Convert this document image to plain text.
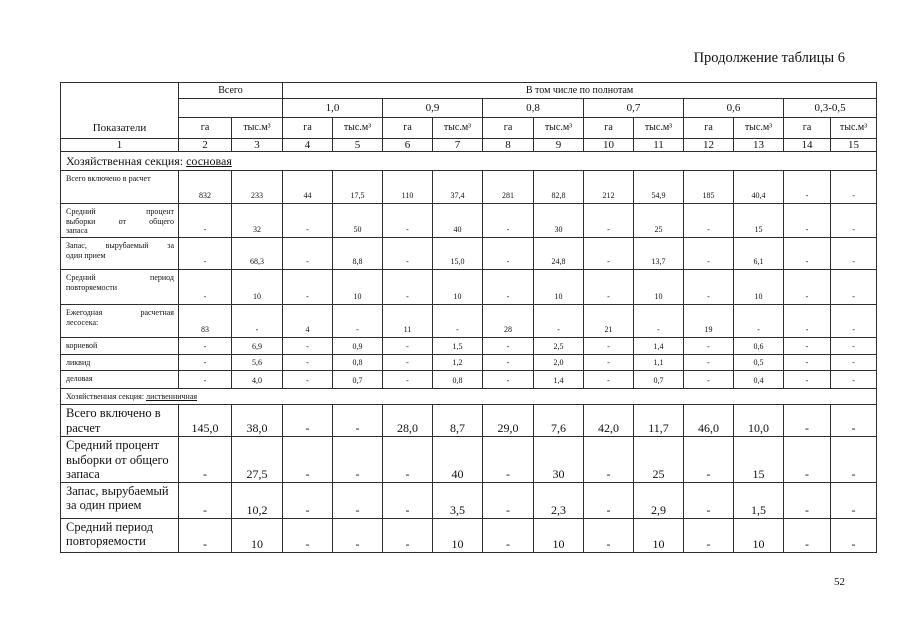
Продолжение таблицы 6
Показатели	Всего		В том числе по полнотам											
			1,0		0,9		0,8		0,7		0,6		0,3-0,5	
	га	тыс.м³	га	тыс.м³	га	тыс.м³	га	тыс.м³	га	тыс.м³	га	тыс.м³	га	тыс.м³
1	2	3	4	5	6	7	8	9	10	11	12	13	14	15
Хозяйственная секция: сосновая														

Всего включено в расчет	832	233	44	17,5	110	37,4	281	82,8	212	54,9	185	40,4	-	-

Средний процент
выборки от общего
запаса	-	32	-	50	-	40	-	30	-	25	-	15	-	-

Запас, вырубаемый за
один прием	-	68,3	-	8,8	-	15,0	-	24,8	-	13,7	-	6,1	-	-

Средний период
повторяемости	-	10	-	10	-	10	-	10	-	10	-	10	-	-

Ежегодная расчетная
лесосека:	83	-	4	-	11	-	28	-	21	-	19	-	-	-

корневой	-	6,9	-	0,9	-	1,5	-	2,5	-	1,4	-	0,6	-	-

ликвид	-	5,6	-	0,8	-	1,2	-	2,0	-	1,1	-	0,5	-	-

деловая	-	4,0	-	0,7	-	0,8	-	1,4	-	0,7	-	0,4	-	-
Хозяйственная секция: лиственничная														

Всего включено в
расчет	145,0	38,0	-	-	28,0	8,7	29,0	7,6	42,0	11,7	46,0	10,0	-	-

Средний процент
выборки от общего
запаса	-	27,5	-	-	-	40	-	30	-	25	-	15	-	-

Запас, вырубаемый
за один прием	-	10,2	-	-	-	3,5	-	2,3	-	2,9	-	1,5	-	-

Средний период
повторяемости	-	10	-	-	-	10	-	10	-	10	-	10	-	-
52
